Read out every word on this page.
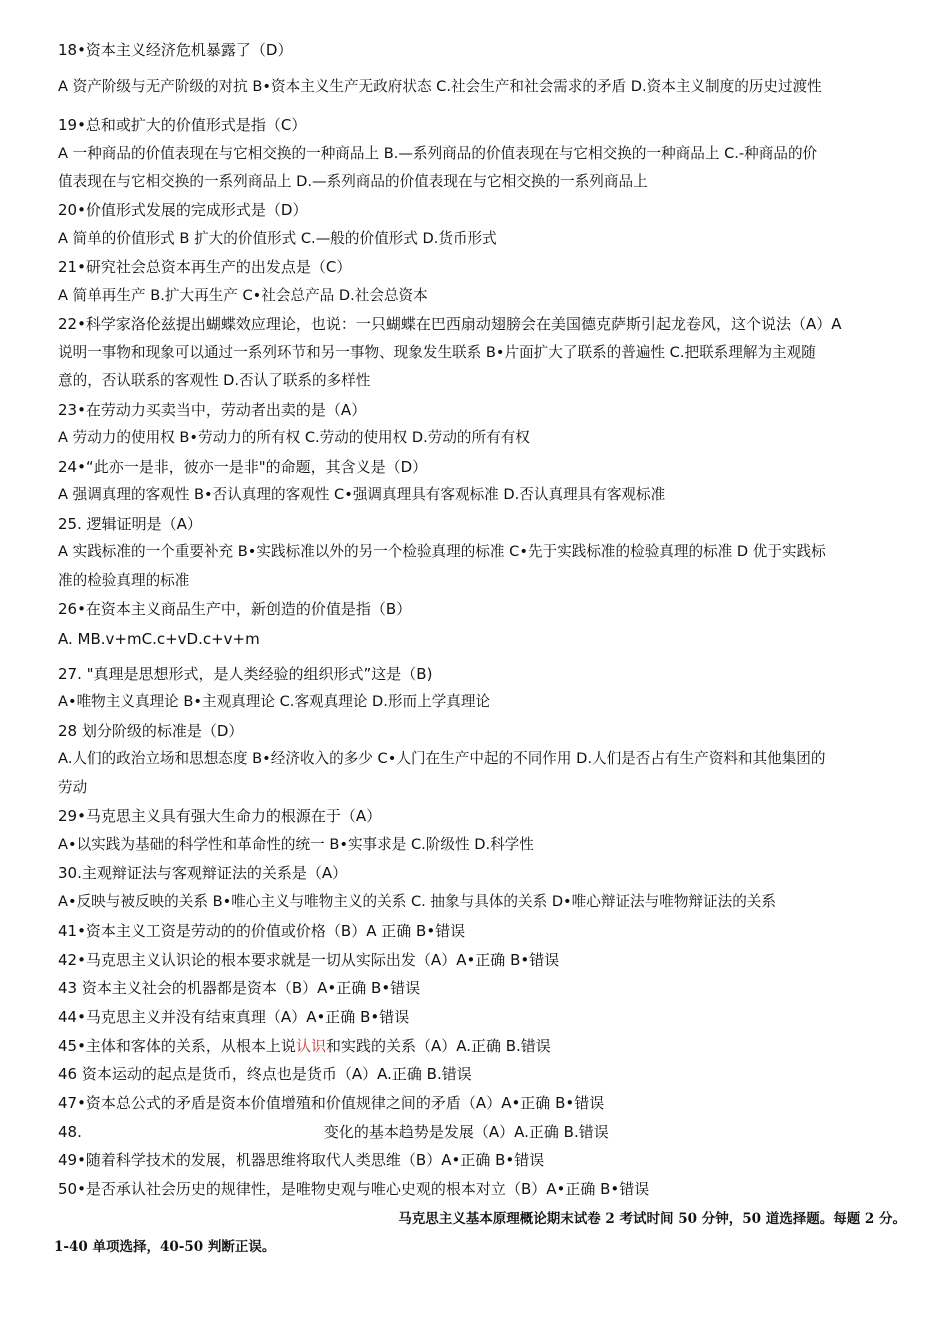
18•资本主义经济危机暴露了（D）
A 资产阶级与无产阶级的对抗 B•资本主义生产无政府状态 C.社会生产和社会需求的矛盾 D.资本主义制度的历史过渡性
19•总和或扩大的价值形式是指（C）
A 一种商品的价值表现在与它相交换的一种商品上 B.—系列商品的价值表现在与它相交换的一种商品上 C.-种商品的价
值表现在与它相交换的一系列商品上 D.—系列商品的价值表现在与它相交换的一系列商品上
20•价值形式发展的完成形式是（D）
A 简单的价值形式 B 扩大的价值形式 C.—般的价值形式 D.货币形式
21•研究社会总资本再生产的出发点是（C）
A 简单再生产 B.扩大再生产 C•社会总产品 D.社会总资本
22•科学家洛伦兹提出蝴蝶效应理论，也说：一只蝴蝶在巴西扇动翅膀会在美国德克萨斯引起龙卷风，这个说法（A）A
说明一事物和现象可以通过一系列环节和另一事物、现象发生联系 B•片面扩大了联系的普遍性 C.把联系理解为主观随
意的，否认联系的客观性 D.否认了联系的多样性
23•在劳动力买卖当中，劳动者出卖的是（A）
A 劳动力的使用权 B•劳动力的所有权 C.劳动的使用权 D.劳动的所有有权
24•“此亦一是非，彼亦一是非"的命题，其含义是（D）
A 强调真理的客观性 B•否认真理的客观性 C•强调真理具有客观标准 D.否认真理具有客观标准
25. 逻辑证明是（A）
A 实践标准的一个重要补充 B•实践标准以外的另一个检验真理的标准 C•先于实践标准的检验真理的标准 D 优于实践标
准的检验真理的标准
26•在资本主义商品生产中，新创造的价值是指（B）
A. MB.v+mC.c+vD.c+v+m
27. "真理是思想形式，是人类经验的组织形式”这是（B)
A•唯物主义真理论 B•主观真理论 C.客观真理论 D.形而上学真理论
28 划分阶级的标准是（D）
A.人们的政治立场和思想态度 B•经济收入的多少 C•人门在生产中起的不同作用 D.人们是否占有生产资料和其他集团的
劳动
29•马克思主义具有强大生命力的根源在于（A）
A•以实践为基础的科学性和革命性的统一 B•实事求是 C.阶级性 D.科学性
30.主观辩证法与客观辩证法的关系是（A）
A•反映与被反映的关系 B•唯心主义与唯物主义的关系 C. 抽象与具体的关系 D•唯心辩证法与唯物辩证法的关系
41•资本主义工资是劳动的的价值或价格（B）A 正确 B•错误
42•马克思主义认识论的根本要求就是一切从实际出发（A）A•正确 B•错误
43 资本主义社会的机器都是资本（B）A•正确 B•错误
44•马克思主义并没有结束真理（A）A•正确 B•错误
45•主体和客体的关系，从根本上说认识和实践的关系（A）A.正确 B.错误
46 资本运动的起点是货币，终点也是货币（A）A.正确 B.错误
47•资本总公式的矛盾是资本价值增殖和价值规律之间的矛盾（A）A•正确 B•错误
48.	变化的基本趋势是发展（A）A.正确 B.错误
49•随着科学技术的发展，机器思维将取代人类思维（B）A•正确 B•错误
50•是否承认社会历史的规律性，是唯物史观与唯心史观的根本对立（B）A•正确 B•错误
马克思主义基本原理概论期末试卷 2 考试时间 50 分钟，50 道选择题。每题 2 分。
1-40 单项选择，40-50 判断正误。
